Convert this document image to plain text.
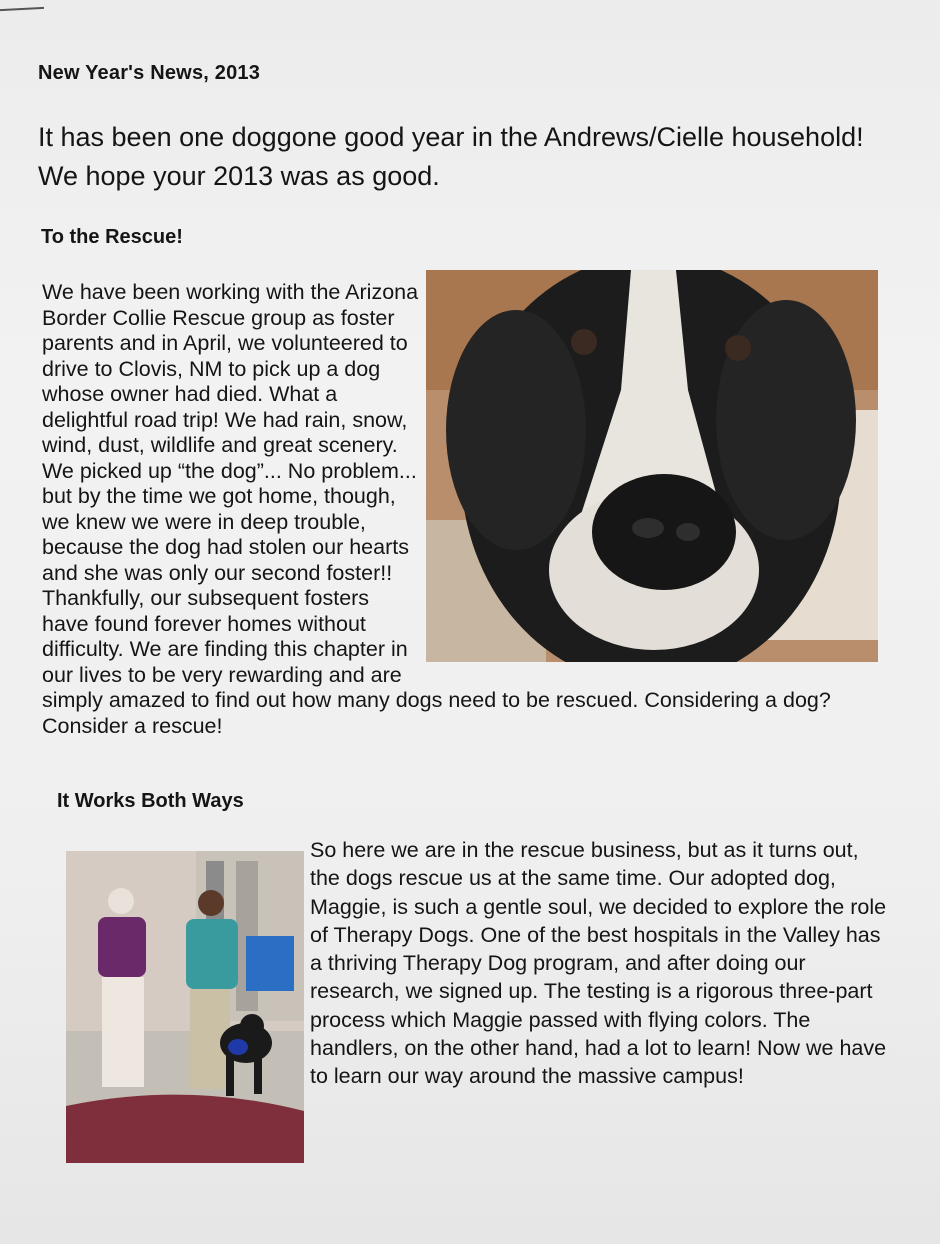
New Year's News, 2013
It has been one doggone good year in the Andrews/Cielle household! We hope your 2013 was as good.
To the Rescue!

We have been working with the Arizona Border Collie Rescue group as foster parents and in April, we volunteered to drive to Clovis, NM to pick up a dog whose owner had died. What a delightful road trip! We had rain, snow, wind, dust, wildlife and great scenery. We picked up “the dog”... No problem... but by the time we got home, though, we knew we were in deep trouble, because the dog had stolen our hearts and she was only our second foster!! Thankfully, our subsequent fosters have found forever homes without difficulty. We are finding this chapter in our lives to be very rewarding and are simply amazed to find out how many dogs need to be rescued. Considering a dog? Consider a rescue!

It Works Both Ways

So here we are in the rescue business, but as it turns out, the dogs rescue us at the same time. Our adopted dog, Maggie, is such a gentle soul, we decided to explore the role of Therapy Dogs. One of the best hospitals in the Valley has a thriving Therapy Dog program, and after doing our research, we signed up. The testing is a rigorous three-part process which Maggie passed with flying colors. The handlers, on the other hand, had a lot to learn! Now we have to learn our way around the massive campus!
